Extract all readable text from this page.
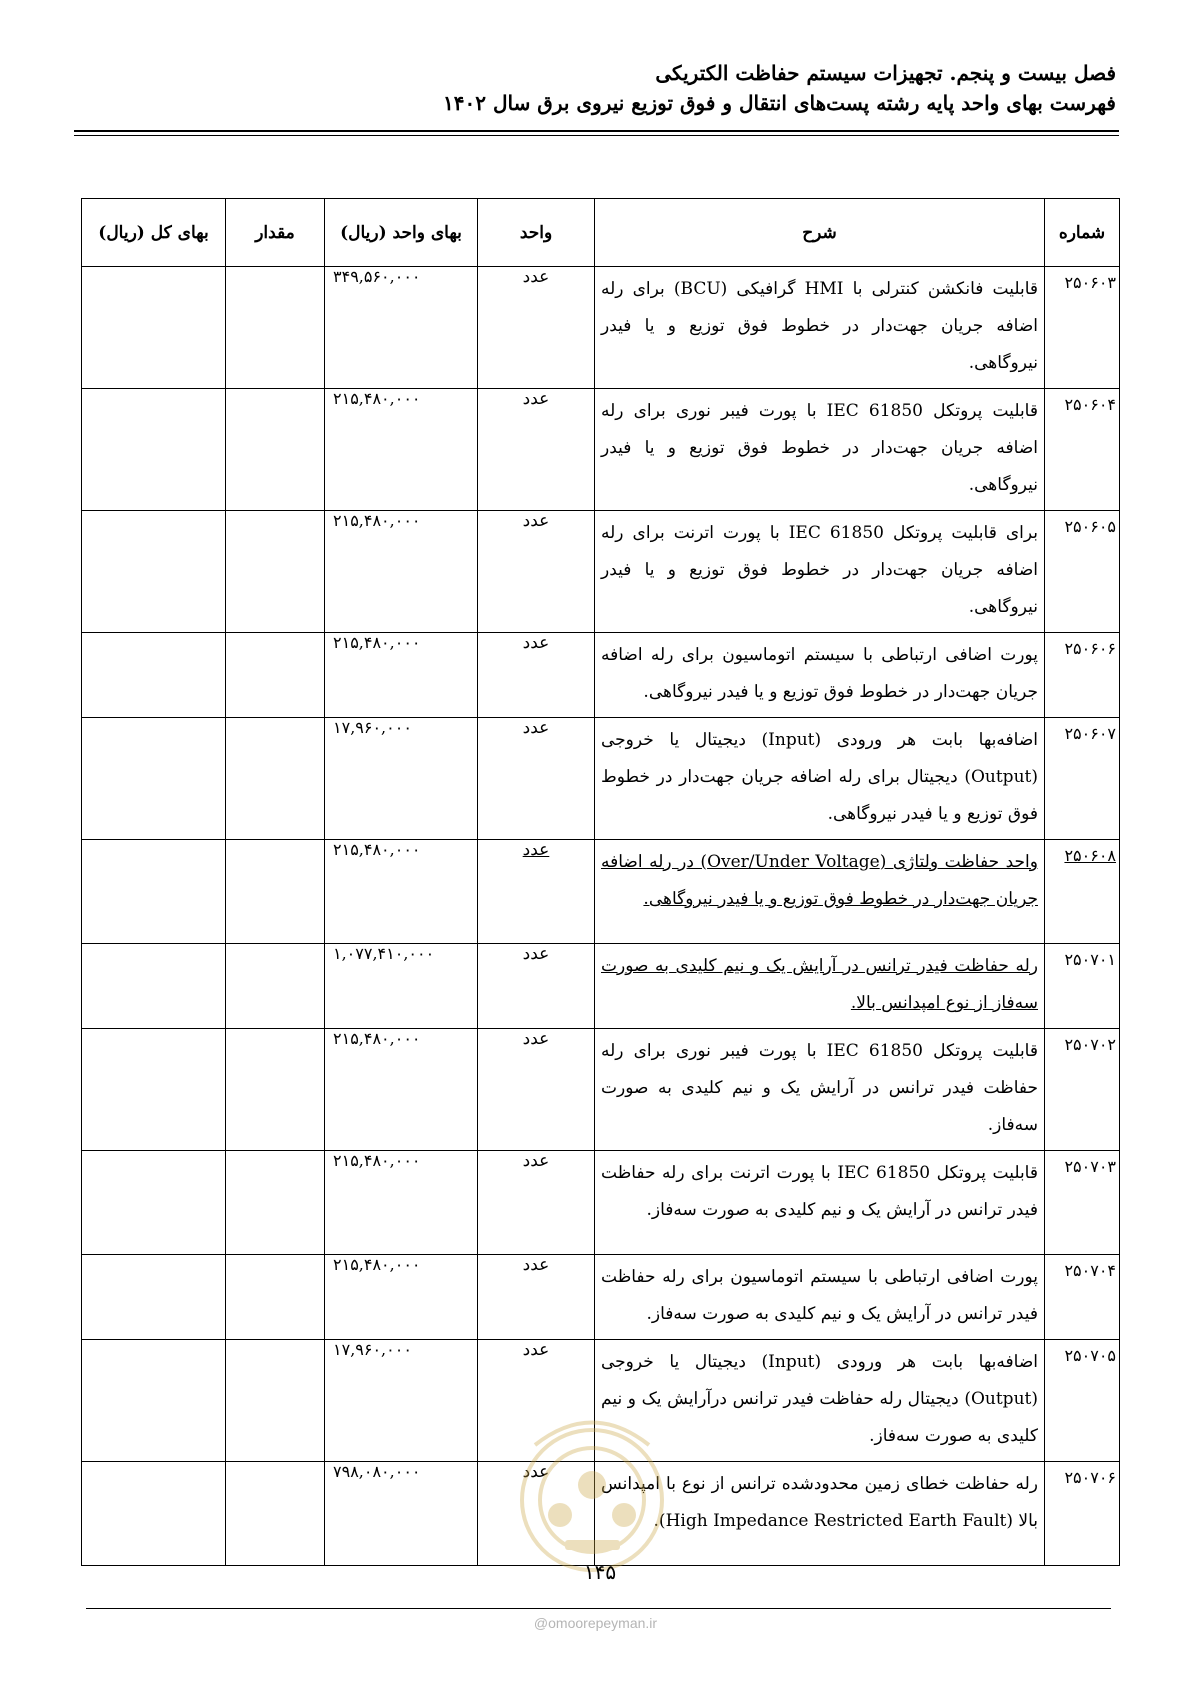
فصل بیست و پنجم. تجهیزات سیستم حفاظت الکتریکی
فهرست بهای واحد پایه رشته پست‌های انتقال و فوق توزیع نیروی برق سال ۱۴۰۲
شماره	شرح	واحد	بهای واحد (ریال)	مقدار	بهای کل (ریال)
۲۵۰۶۰۳	قابلیت فانکشن کنترلی با HMI گرافیکی (BCU) برای رله اضافه جریان جهت‌دار در خطوط فوق توزیع و یا فیدر نیروگاهی.	عدد	۳۴۹,۵۶۰,۰۰۰		
۲۵۰۶۰۴	قابلیت پروتکل IEC 61850 با پورت فیبر نوری برای رله اضافه جریان جهت‌دار در خطوط فوق توزیع و یا فیدر نیروگاهی.	عدد	۲۱۵,۴۸۰,۰۰۰		
۲۵۰۶۰۵	برای قابلیت پروتکل IEC 61850 با پورت اترنت برای رله اضافه جریان جهت‌دار در خطوط فوق توزیع و یا فیدر نیروگاهی.	عدد	۲۱۵,۴۸۰,۰۰۰		
۲۵۰۶۰۶	پورت اضافی ارتباطی با سیستم اتوماسیون برای رله اضافه جریان جهت‌دار در خطوط فوق توزیع و یا فیدر نیروگاهی.	عدد	۲۱۵,۴۸۰,۰۰۰		
۲۵۰۶۰۷	اضافه‌بها بابت هر ورودی (Input) دیجیتال یا خروجی (Output) دیجیتال برای رله اضافه جریان جهت‌دار در خطوط فوق توزیع و یا فیدر نیروگاهی.	عدد	۱۷,۹۶۰,۰۰۰		
۲۵۰۶۰۸	واحد حفاظت ولتاژی (Over/Under Voltage) در رله اضافه جریان جهت‌دار در خطوط فوق توزیع و یا فیدر نیروگاهی.	عدد	۲۱۵,۴۸۰,۰۰۰		
۲۵۰۷۰۱	رله حفاظت فیدر ترانس در آرایش یک و نیم کلیدی به صورت سه‌فاز از نوع امپدانس بالا.	عدد	۱,۰۷۷,۴۱۰,۰۰۰		
۲۵۰۷۰۲	قابلیت پروتکل IEC 61850 با پورت فیبر نوری برای رله حفاظت فیدر ترانس در آرایش یک و نیم کلیدی به صورت سه‌فاز.	عدد	۲۱۵,۴۸۰,۰۰۰		
۲۵۰۷۰۳	قابلیت پروتکل IEC 61850 با پورت اترنت برای رله حفاظت فیدر ترانس در آرایش یک و نیم کلیدی به صورت سه‌فاز.	عدد	۲۱۵,۴۸۰,۰۰۰		
۲۵۰۷۰۴	پورت اضافی ارتباطی با سیستم اتوماسیون برای رله حفاظت فیدر ترانس در آرایش یک و نیم کلیدی به صورت سه‌فاز.	عدد	۲۱۵,۴۸۰,۰۰۰		
۲۵۰۷۰۵	اضافه‌بها بابت هر ورودی (Input) دیجیتال یا خروجی (Output) دیجیتال رله حفاظت فیدر ترانس درآرایش یک و نیم کلیدی به صورت سه‌فاز.	عدد	۱۷,۹۶۰,۰۰۰		
۲۵۰۷۰۶	رله حفاظت خطای زمین محدودشده ترانس از نوع با امپدانس بالا (High Impedance Restricted Earth Fault).	عدد	۷۹۸,۰۸۰,۰۰۰		
۱۴۵
@omoorepeyman.ir
